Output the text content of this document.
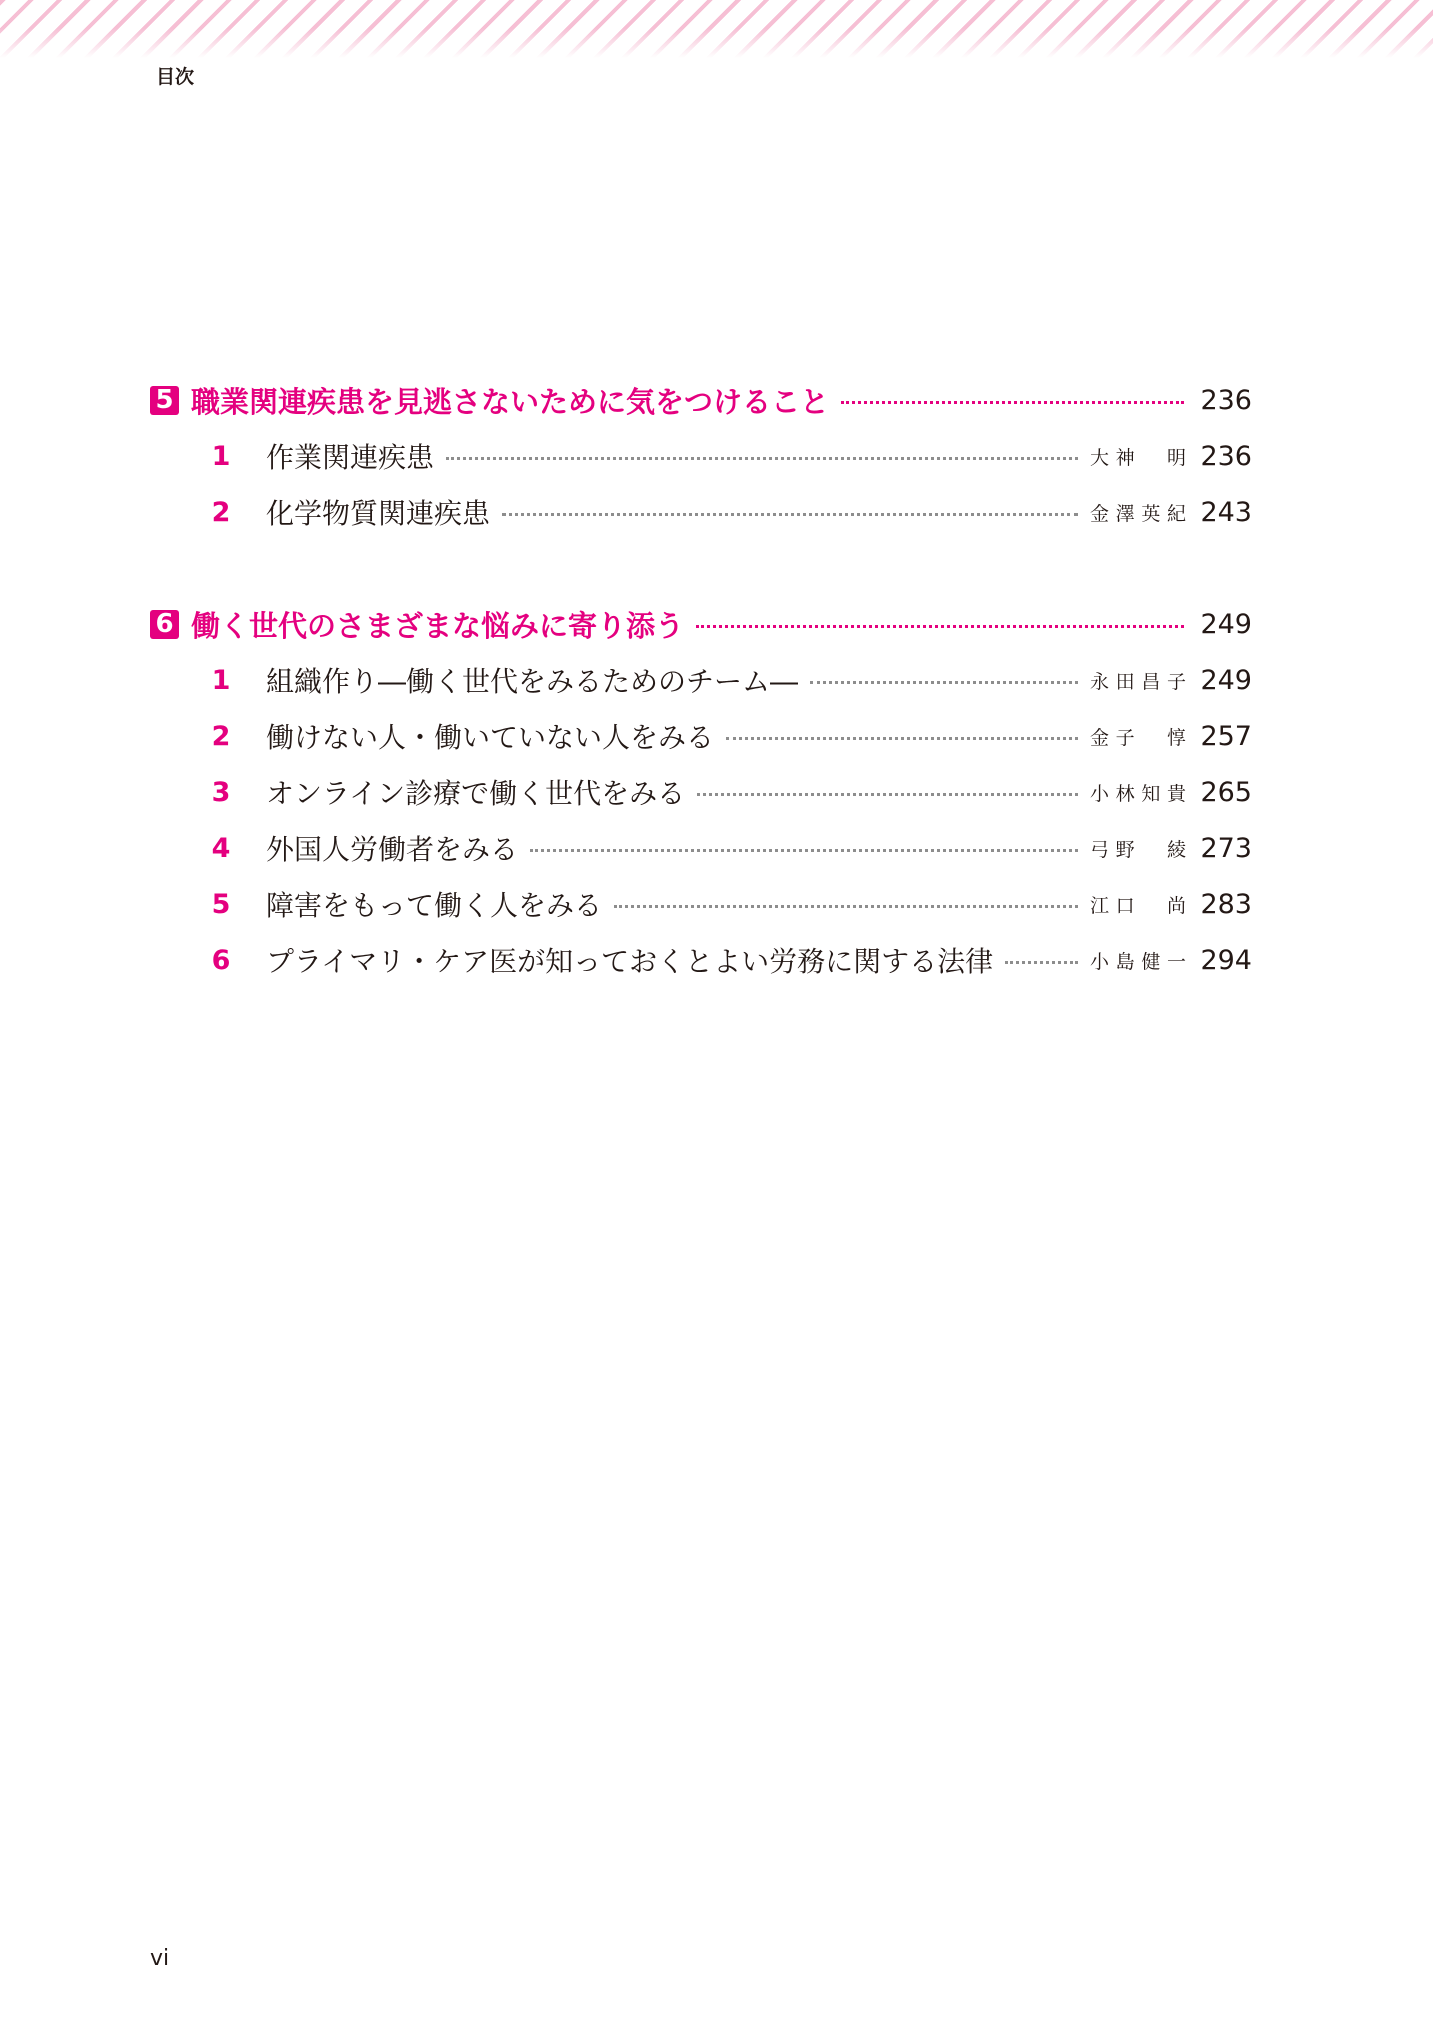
目次
5 職業関連疾患を見逃さないために気をつけること	236
1 作業関連疾患	大神　明 236
2 化学物質関連疾患	金澤英紀 243
6 働く世代のさまざまな悩みに寄り添う	249
1 組織作り―働く世代をみるためのチーム―	永田昌子 249
2 働けない人・働いていない人をみる	金子　惇 257
3 オンライン診療で働く世代をみる	小林知貴 265
4 外国人労働者をみる	弓野　綾 273
5 障害をもって働く人をみる	江口　尚 283
6 プライマリ・ケア医が知っておくとよい労務に関する法律	小島健一 294
vi
